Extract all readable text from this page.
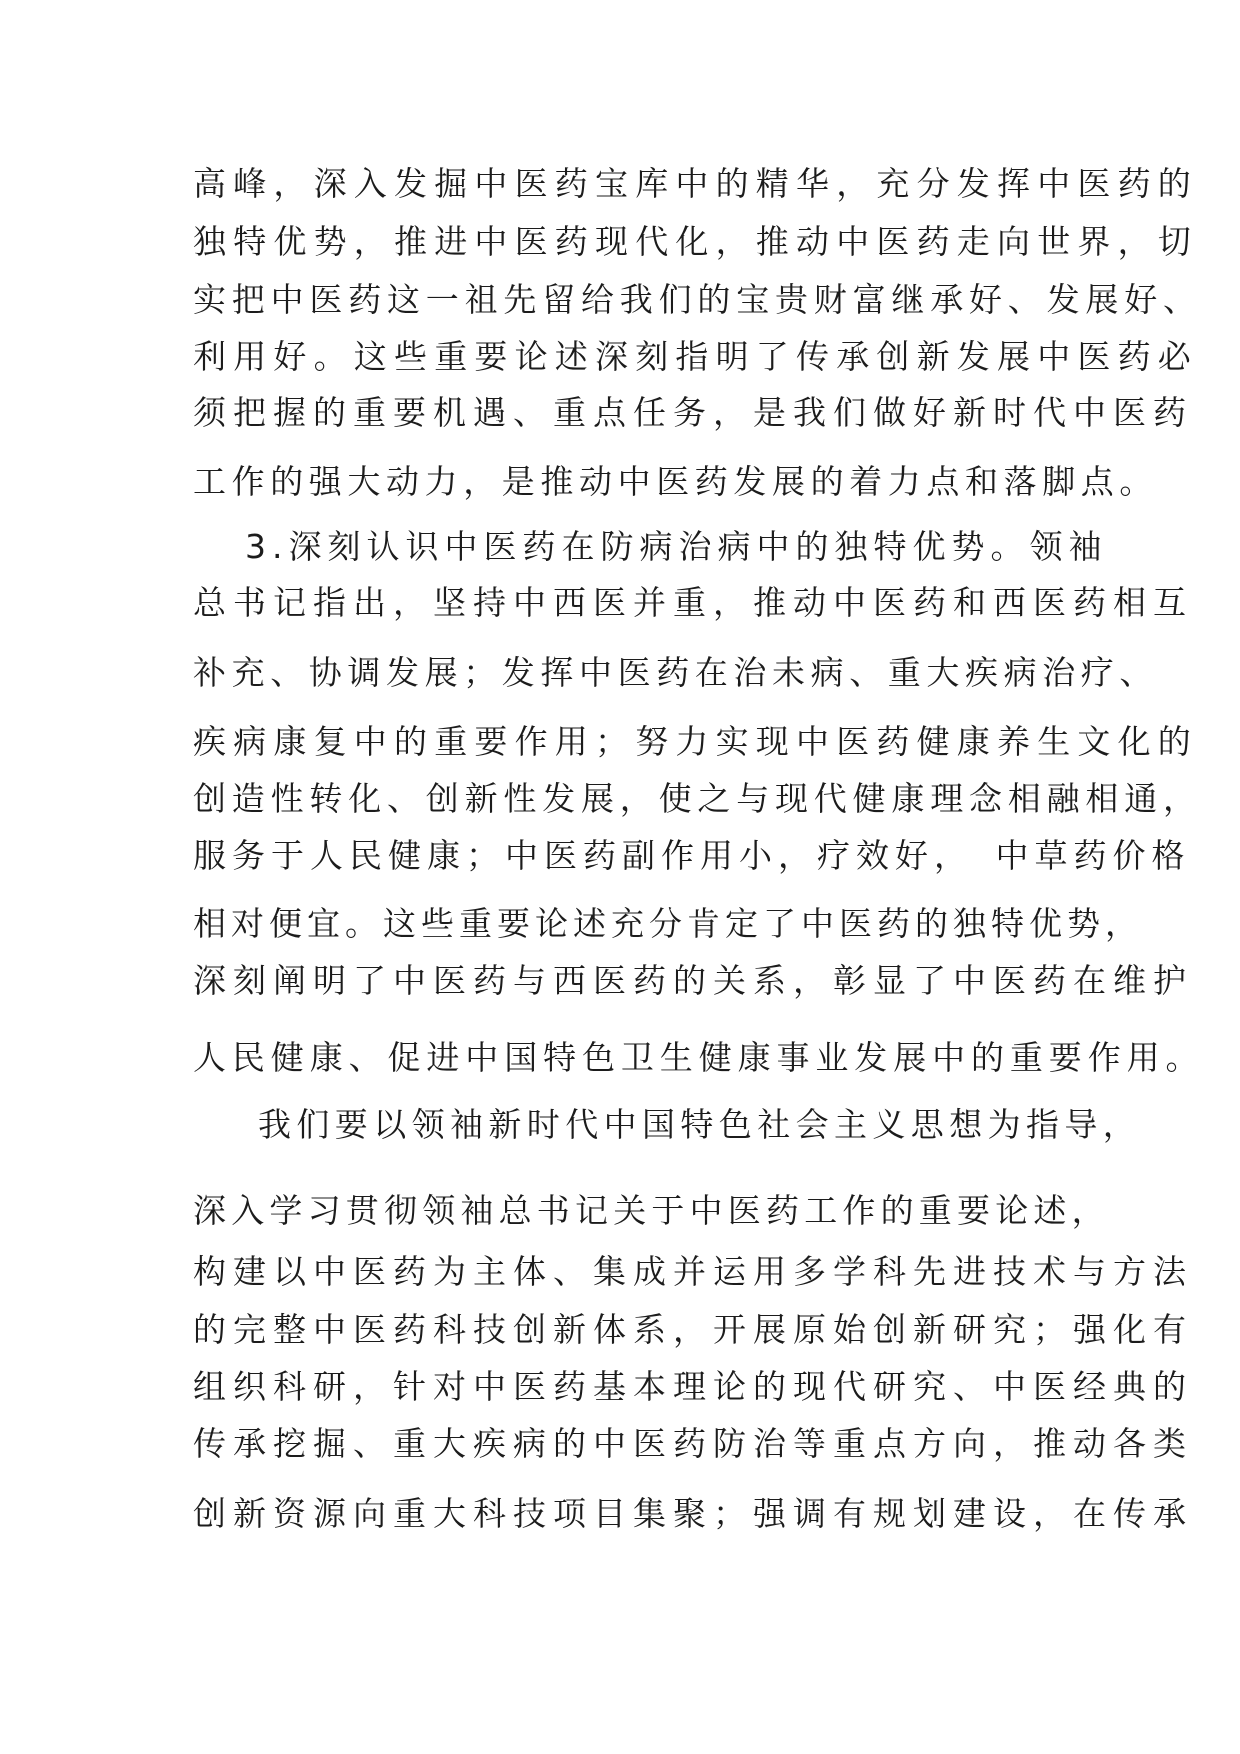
高峰，深入发掘中医药宝库中的精华，充分发挥中医药的

独特优势，推进中医药现代化，推动中医药走向世界，切

实把中医药这一祖先留给我们的宝贵财富继承好、发展好、

利用好。这些重要论述深刻指明了传承创新发展中医药必

须把握的重要机遇、重点任务，是我们做好新时代中医药

工作的强大动力，是推动中医药发展的着力点和落脚点。

3.深刻认识中医药在防病治病中的独特优势。领袖

总书记指出，坚持中西医并重，推动中医药和西医药相互

补充、协调发展；发挥中医药在治未病、重大疾病治疗、

疾病康复中的重要作用；努力实现中医药健康养生文化的

创造性转化、创新性发展，使之与现代健康理念相融相通，

服务于人民健康；中医药副作用小，疗效好，　中草药价格

相对便宜。这些重要论述充分肯定了中医药的独特优势，

深刻阐明了中医药与西医药的关系，彰显了中医药在维护

人民健康、促进中国特色卫生健康事业发展中的重要作用。

我们要以领袖新时代中国特色社会主义思想为指导，

深入学习贯彻领袖总书记关于中医药工作的重要论述，

构建以中医药为主体、集成并运用多学科先进技术与方法

的完整中医药科技创新体系，开展原始创新研究；强化有

组织科研，针对中医药基本理论的现代研究、中医经典的

传承挖掘、重大疾病的中医药防治等重点方向，推动各类

创新资源向重大科技项目集聚；强调有规划建设，在传承
